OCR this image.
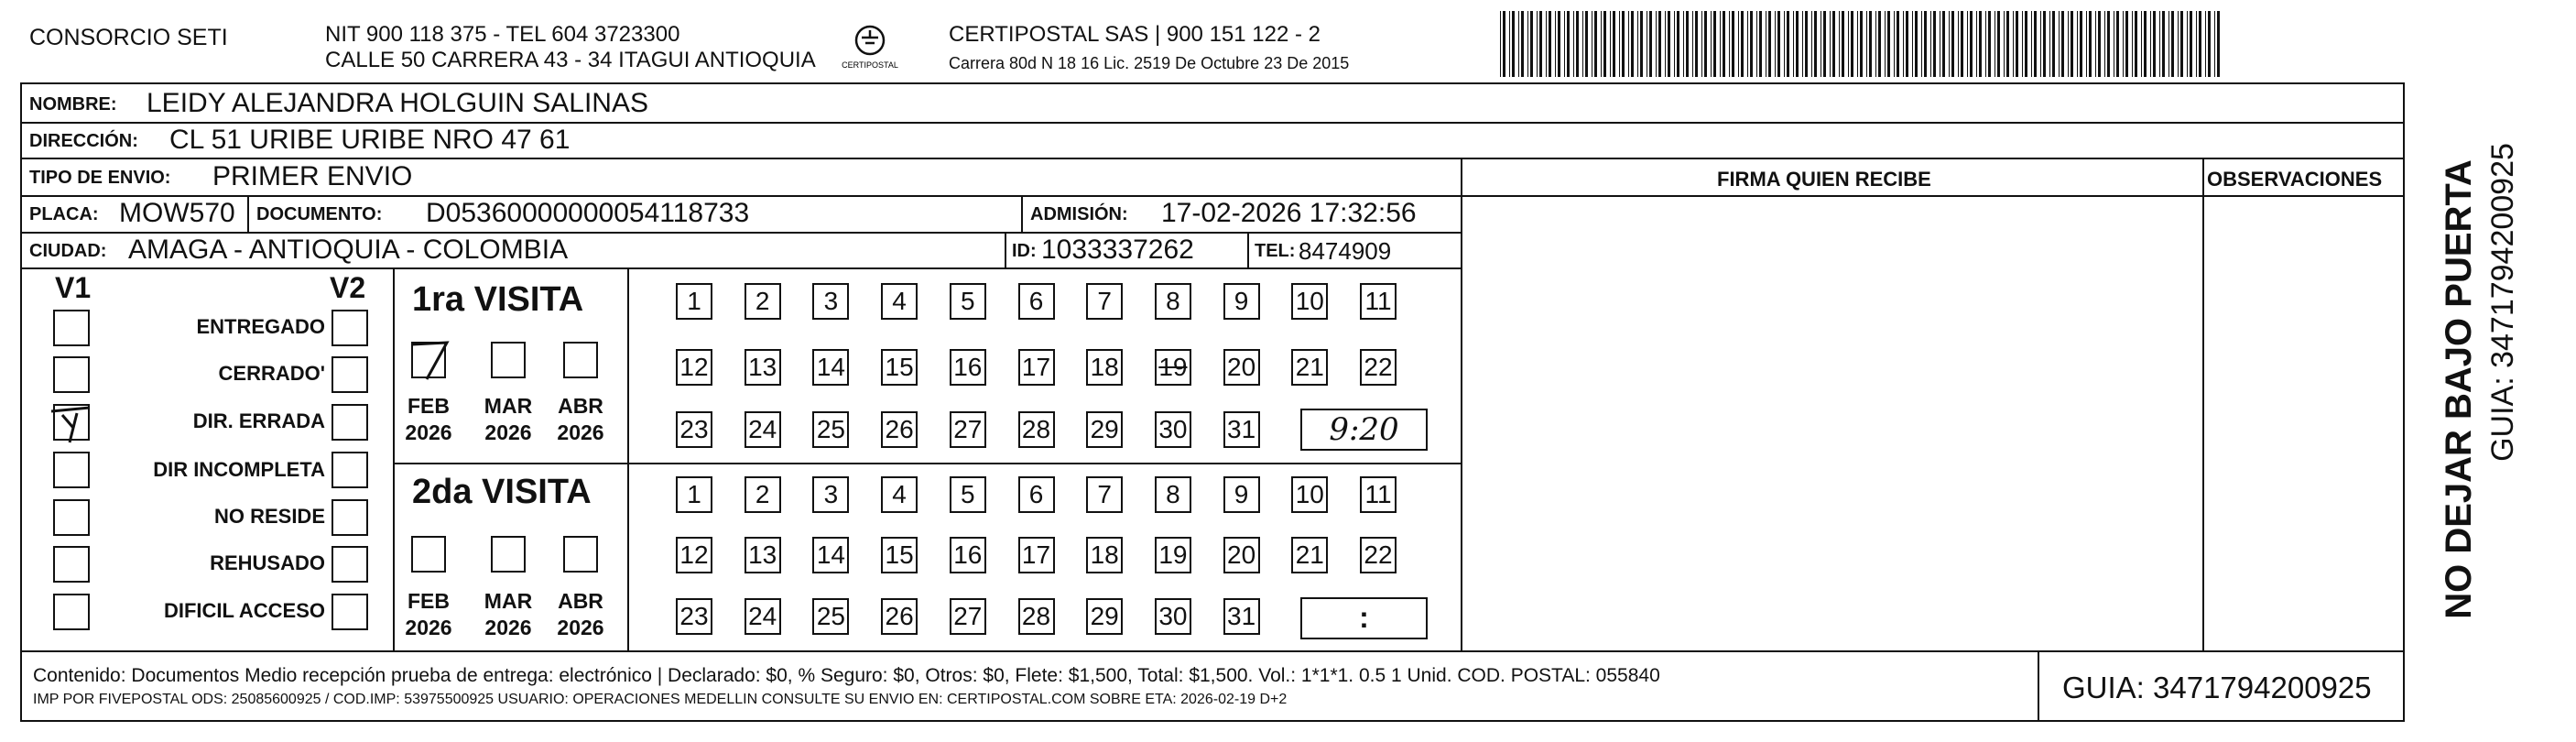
CONSORCIO SETI	NIT 900 118 375 - TEL 604 3723300
CALLE 50 CARRERA 43 - 34 ITAGUI ANTIOQUIA	CERTIPOSTAL
CERTIPOSTAL SAS | 900 151 122 - 2
Carrera 80d N 18 16 Lic. 2519 De Octubre 23 De 2015
NOMBRE: LEIDY ALEJANDRA HOLGUIN SALINAS
DIRECCIÓN: CL 51 URIBE URIBE NRO 47 61
TIPO DE ENVIO: PRIMER ENVIO	FIRMA QUIEN RECIBE	OBSERVACIONES
PLACA: MOW570 DOCUMENTO: D05360000000054118733	ADMISIÓN: 17-02-2026 17:32:56
CIUDAD: AMAGA - ANTIOQUIA - COLOMBIA	ID: 1033337262	TEL: 8474909
V1	V2
ENTREGADO
CERRADO'
DIR. ERRADA
DIR INCOMPLETA
NO RESIDE
REHUSADO
DIFICIL ACCESO
1ra VISITA
FEB
2026
MAR
2026
ABR
2026
1	2	3	4	5	6	7	8	9	10 11
12 13 14 15 16 17 18 19 20 21 22
23 24 25 26 27 28 29 30 31	9:20
2da VISITA
FEB
2026
MAR
2026
ABR
2026
1	2	3	4	5	6	7	8	9	10 11
12 13 14 15 16 17 18 19 20 21 22
23 24 25 26 27 28 29 30 31	:
Contenido: Documentos Medio recepción prueba de entrega: electrónico | Declarado: $0, % Seguro: $0, Otros: $0, Flete: $1,500, Total: $1,500. Vol.: 1*1*1. 0.5 1 Unid. COD. POSTAL: 055840
IMP POR FIVEPOSTAL ODS: 25085600925 / COD.IMP: 53975500925 USUARIO: OPERACIONES MEDELLIN CONSULTE SU ENVIO EN: CERTIPOSTAL.COM SOBRE ETA: 2026-02-19 D+2	GUIA: 3471794200925
NO DEJAR BAJO PUERTA GUIA: 3471794200925
